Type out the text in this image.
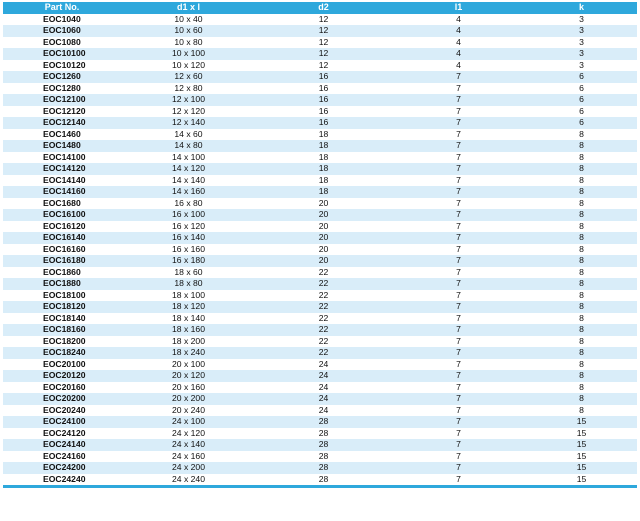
Part No.	d1 x l	d2	l1	k
EOC1040	10 x 40	12	4	3
EOC1060	10 x 60	12	4	3
EOC1080	10 x 80	12	4	3
EOC10100	10 x 100	12	4	3
EOC10120	10 x 120	12	4	3
EOC1260	12 x 60	16	7	6
EOC1280	12 x 80	16	7	6
EOC12100	12 x 100	16	7	6
EOC12120	12 x 120	16	7	6
EOC12140	12 x 140	16	7	6
EOC1460	14 x 60	18	7	8
EOC1480	14 x 80	18	7	8
EOC14100	14 x 100	18	7	8
EOC14120	14 x 120	18	7	8
EOC14140	14 x 140	18	7	8
EOC14160	14 x 160	18	7	8
EOC1680	16 x 80	20	7	8
EOC16100	16 x 100	20	7	8
EOC16120	16 x 120	20	7	8
EOC16140	16 x 140	20	7	8
EOC16160	16 x 160	20	7	8
EOC16180	16 x 180	20	7	8
EOC1860	18 x 60	22	7	8
EOC1880	18 x 80	22	7	8
EOC18100	18 x 100	22	7	8
EOC18120	18 x 120	22	7	8
EOC18140	18 x 140	22	7	8
EOC18160	18 x 160	22	7	8
EOC18200	18 x 200	22	7	8
EOC18240	18 x 240	22	7	8
EOC20100	20 x 100	24	7	8
EOC20120	20 x 120	24	7	8
EOC20160	20 x 160	24	7	8
EOC20200	20 x 200	24	7	8
EOC20240	20 x 240	24	7	8
EOC24100	24 x 100	28	7	15
EOC24120	24 x 120	28	7	15
EOC24140	24 x 140	28	7	15
EOC24160	24 x 160	28	7	15
EOC24200	24 x 200	28	7	15
EOC24240	24 x 240	28	7	15
